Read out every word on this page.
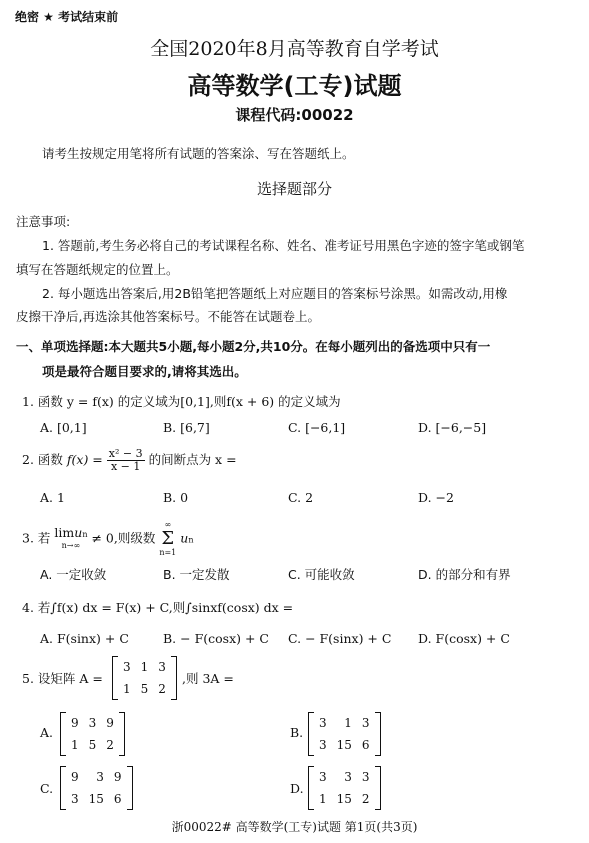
绝密 ★ 考试结束前
全国2020年8月高等教育自学考试
高等数学(工专)试题
课程代码:00022
请考生按规定用笔将所有试题的答案涂、写在答题纸上。
选择题部分
注意事项:
1. 答题前,考生务必将自己的考试课程名称、姓名、准考证号用黑色字迹的签字笔或钢笔
填写在答题纸规定的位置上。
2. 每小题选出答案后,用2B铅笔把答题纸上对应题目的答案标号涂黑。如需改动,用橡
皮擦干净后,再选涂其他答案标号。不能答在试题卷上。
一、单项选择题:本大题共5小题,每小题2分,共10分。在每小题列出的备选项中只有一
项是最符合题目要求的,请将其选出。
1. 函数 y = f(x) 的定义域为[0,1],则f(x + 6) 的定义域为
A. [0,1]	B. [6,7]	C. [−6,1]	D. [−6,−5]
2. 函数 $f(x) = \frac{\text{x² − 3}}{x - 1}$ 的间断点为 x =
A. 1	B. 0	C. 2	D. −2
3. 若 limun
n→∞ ≠ 0,则级数
∞
Σ
n=1
un
A. 一定收敛	B. 一定发散	C. 可能收敛	D. 的部分和有界
4. 若∫f(x) dx = F(x) + C,则∫sinxf(cosx) dx =
A. F(sinx) + C	B. − F(cosx) + C C. − F(sinx) + C D. F(cosx) + C
5. 设矩阵 A =
3	1	3
1	5	2
,则 3A =
A.
9	3	9
1	5	2
B.
3	1	3
3	15	6
C.
9	3	9
3	15	6
D.
3	3	3
1	15	2
浙00022# 高等数学(工专)试题 第1页(共3页)
